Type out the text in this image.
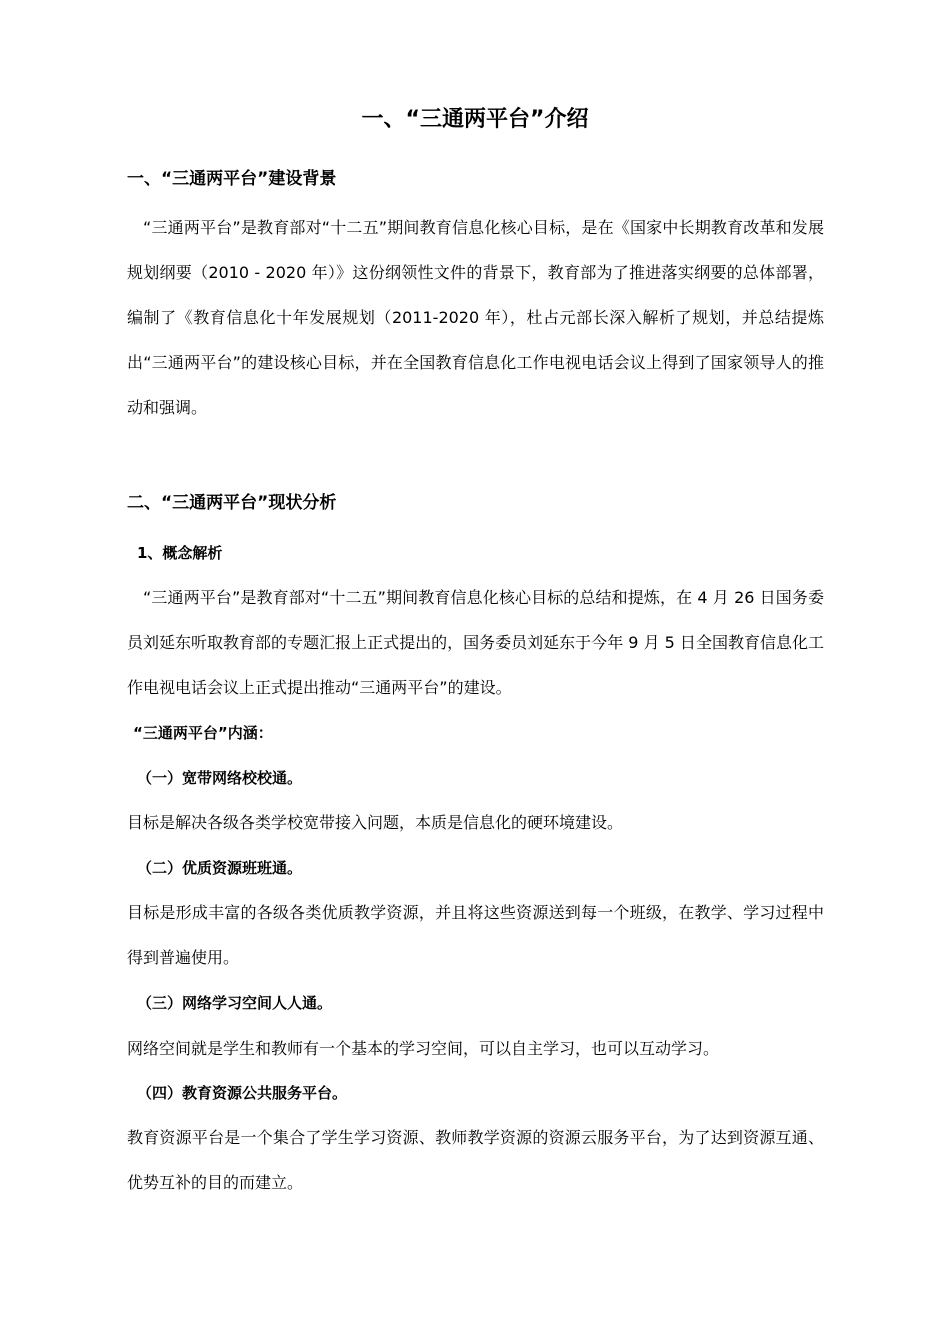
一、“三通两平台”介绍
一、“三通两平台”建设背景
“三通两平台”是教育部对“十二五”期间教育信息化核心目标，是在《国家中长期教育改革和发展规划纲要（2010 - 2020 年）》这份纲领性文件的背景下，教育部为了推进落实纲要的总体部署，编制了《教育信息化十年发展规划（2011-2020 年），杜占元部长深入解析了规划，并总结提炼出“三通两平台”的建设核心目标，并在全国教育信息化工作电视电话会议上得到了国家领导人的推动和强调。
二、“三通两平台”现状分析
1、概念解析
“三通两平台”是教育部对“十二五”期间教育信息化核心目标的总结和提炼，在 4 月 26 日国务委员刘延东听取教育部的专题汇报上正式提出的，国务委员刘延东于今年 9 月 5 日全国教育信息化工作电视电话会议上正式提出推动“三通两平台”的建设。
“三通两平台”内涵：
（一）宽带网络校校通。
目标是解决各级各类学校宽带接入问题，本质是信息化的硬环境建设。
（二）优质资源班班通。
目标是形成丰富的各级各类优质教学资源，并且将这些资源送到每一个班级，在教学、学习过程中得到普遍使用。
（三）网络学习空间人人通。
网络空间就是学生和教师有一个基本的学习空间，可以自主学习，也可以互动学习。
（四）教育资源公共服务平台。
教育资源平台是一个集合了学生学习资源、教师教学资源的资源云服务平台，为了达到资源互通、优势互补的目的而建立。
